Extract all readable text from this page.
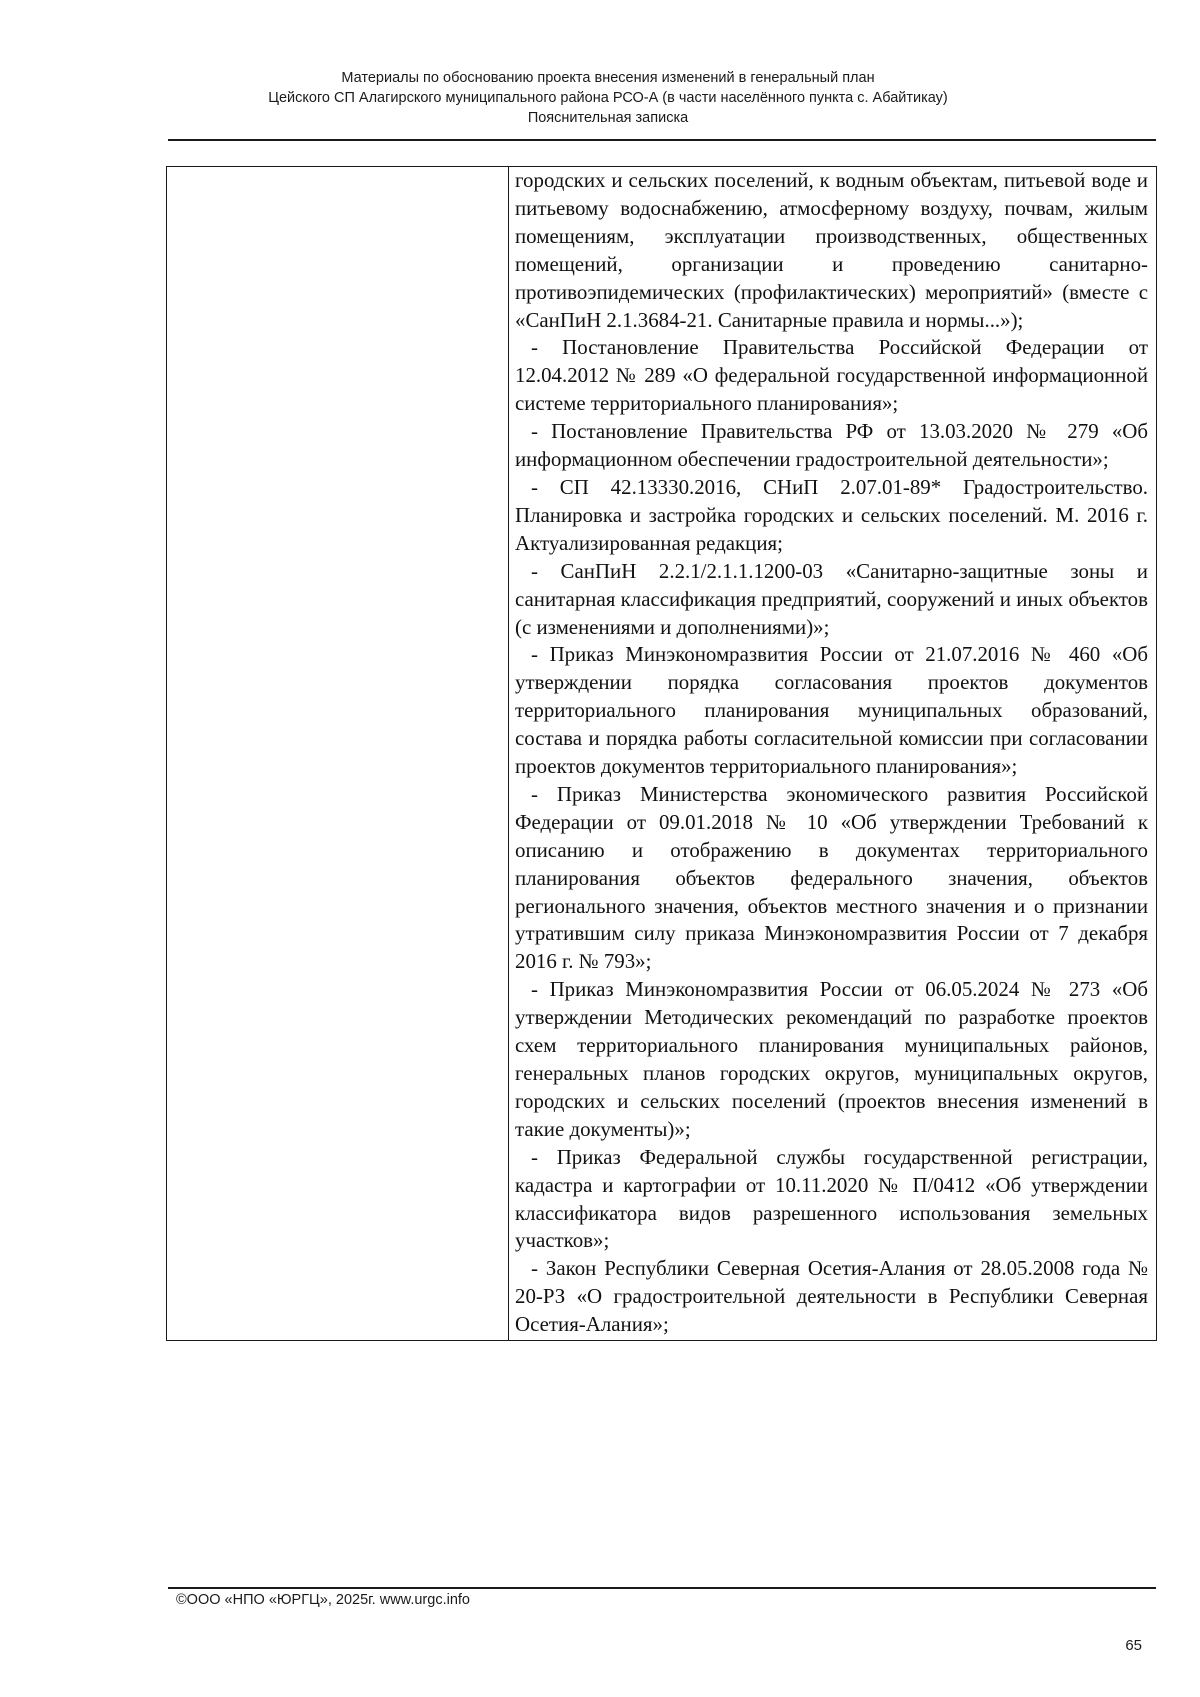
Материалы по обоснованию проекта внесения изменений в генеральный план
Цейского СП Алагирского муниципального района РСО-А (в части населённого пункта с. Абайтикау)
Пояснительная записка

городских и сельских поселений, к водным объектам, питьевой воде и питьевому водоснабжению, атмосферному воздуху, почвам, жилым помещениям, эксплуатации производственных, общественных помещений, организации и проведению санитарно-противоэпидемических (профилактических) мероприятий» (вместе с «СанПиН 2.1.3684-21. Санитарные правила и нормы...»);

- Постановление Правительства Российской Федерации от 12.04.2012 № 289 «О федеральной государственной информационной системе территориального планирования»;

- Постановление Правительства РФ от 13.03.2020 № 279 «Об информационном обеспечении градостроительной деятельности»;

- СП 42.13330.2016, СНиП 2.07.01-89* Градостроительство. Планировка и застройка городских и сельских поселений. М. 2016 г. Актуализированная редакция;

- СанПиН 2.2.1/2.1.1.1200-03 «Санитарно-защитные зоны и санитарная классификация предприятий, сооружений и иных объектов (с изменениями и дополнениями)»;

- Приказ Минэкономразвития России от 21.07.2016 № 460 «Об утверждении порядка согласования проектов документов территориального планирования муниципальных образований, состава и порядка работы согласительной комиссии при согласовании проектов документов территориального планирования»;

- Приказ Министерства экономического развития Российской Федерации от 09.01.2018 № 10 «Об утверждении Требований к описанию и отображению в документах территориального планирования объектов федерального значения, объектов регионального значения, объектов местного значения и о признании утратившим силу приказа Минэкономразвития России от 7 декабря 2016 г. № 793»;

- Приказ Минэкономразвития России от 06.05.2024 № 273 «Об утверждении Методических рекомендаций по разработке проектов схем территориального планирования муниципальных районов, генеральных планов городских округов, муниципальных округов, городских и сельских поселений (проектов внесения изменений в такие документы)»;

- Приказ Федеральной службы государственной регистрации, кадастра и картографии от 10.11.2020 № П/0412 «Об утверждении классификатора видов разрешенного использования земельных участков»;

- Закон Республики Северная Осетия-Алания от 28.05.2008 года № 20-РЗ «О градостроительной деятельности в Республики Северная Осетия-Алания»;

©ООО «НПО «ЮРГЦ», 2025г. www.urgc.info
65
